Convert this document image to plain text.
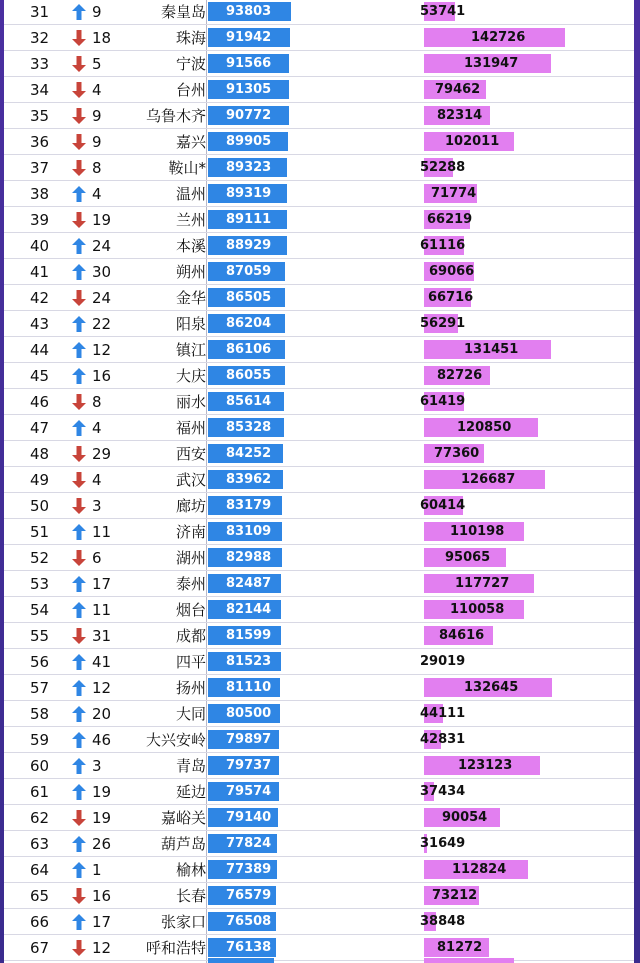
31	9	秦皇岛 93803	53741
32	18	珠海 91942	142726
33	5	宁波 91566	131947
34	4	台州 91305	79462
35	9	乌鲁木齐 90772	82314
36	9	嘉兴 89905	102011
37	8	鞍山* 89323	52288
38	4	温州 89319	71774
39	19	兰州 89111	66219
40	24	本溪 88929	61116
41	30	朔州 87059	69066
42	24	金华 86505	66716
43	22	阳泉 86204	56291
44	12	镇江 86106	131451
45	16	大庆 86055	82726
46	8	丽水 85614	61419
47	4	福州 85328	120850
48	29	西安 84252	77360
49	4	武汉 83962	126687
50	3	廊坊 83179	60414
51	11	济南 83109	110198
52	6	湖州 82988	95065
53	17	泰州 82487	117727
54	11	烟台 82144	110058
55	31	成都 81599	84616
56	41	四平 81523	29019
57	12	扬州 81110	132645
58	20	大同 80500	44111
59	46 大兴安岭 79897	42831
60	3	青岛 79737	123123
61	19	延边 79574	37434
62	19	嘉峪关 79140	90054
63	26	葫芦岛 77824	31649
64	1	榆林 77389	112824
65	16	长春 76579	73212
66	17	张家口 76508	38848
67	12 呼和浩特 76138	81272
